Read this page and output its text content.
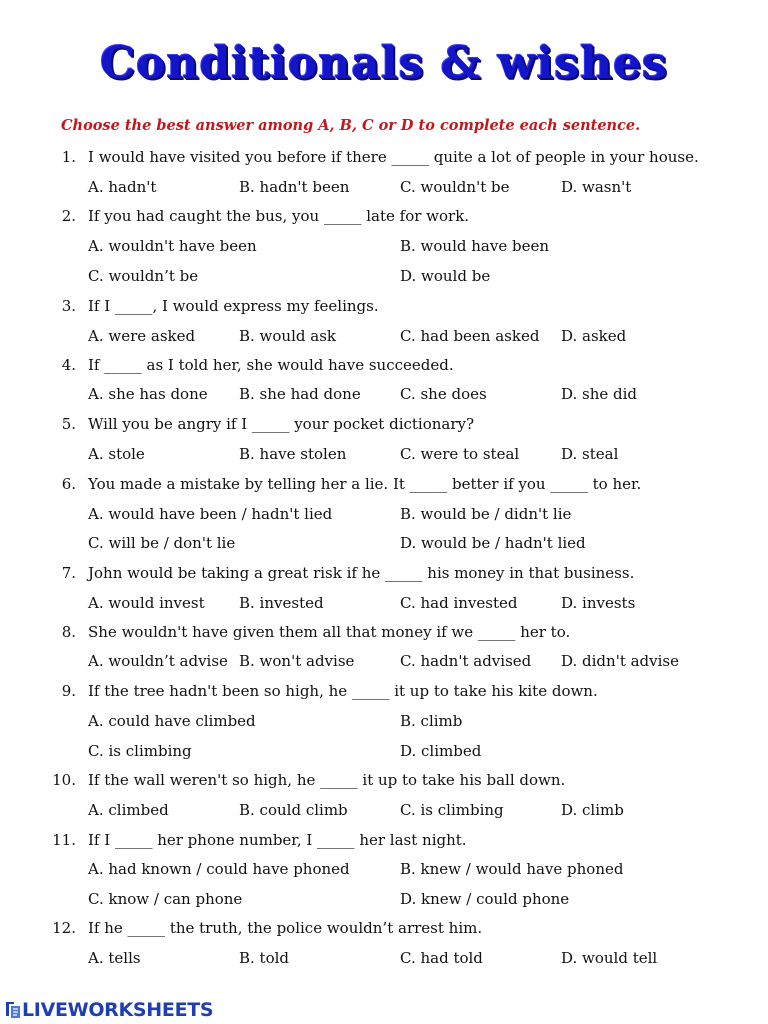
Conditionals & wishes
Choose the best answer among A, B, C or D to complete each sentence.
1. I would have visited you before if there _____ quite a lot of people in your house.
A. hadn't	B. hadn't been	C. wouldn't be	D. wasn't
2. If you had caught the bus, you _____ late for work.
A. wouldn't have been	B. would have been
C. wouldn’t be	D. would be
3. If I _____, I would express my feelings.
A. were asked	B. would ask	C. had been asked D. asked
4. If _____ as I told her, she would have succeeded.
A. she has done B. she had done	C. she does	D. she did
5. Will you be angry if I _____ your pocket dictionary?
A. stole	B. have stolen	C. were to steal	D. steal
6. You made a mistake by telling her a lie. It _____ better if you _____ to her.
A. would have been / hadn't lied	B. would be / didn't lie
C. will be / don't lie	D. would be / hadn't lied
7. John would be taking a great risk if he _____ his money in that business.
A. would invest B. invested	C. had invested	D. invests
8. She wouldn't have given them all that money if we _____ her to.
A. wouldn’t advise B. won't advise	C. hadn't advised D. didn't advise
9. If the tree hadn't been so high, he _____ it up to take his kite down.
A. could have climbed	B. climb
C. is climbing	D. climbed
10. If the wall weren't so high, he _____ it up to take his ball down.
A. climbed	B. could climb	C. is climbing	D. climb
11. If I _____ her phone number, I _____ her last night.
A. had known / could have phoned	B. knew / would have phoned
C. know / can phone	D. knew / could phone
12. If he _____ the truth, the police wouldn’t arrest him.
A. tells	B. told	C. had told	D. would tell
LIVEWORKSHEETS
